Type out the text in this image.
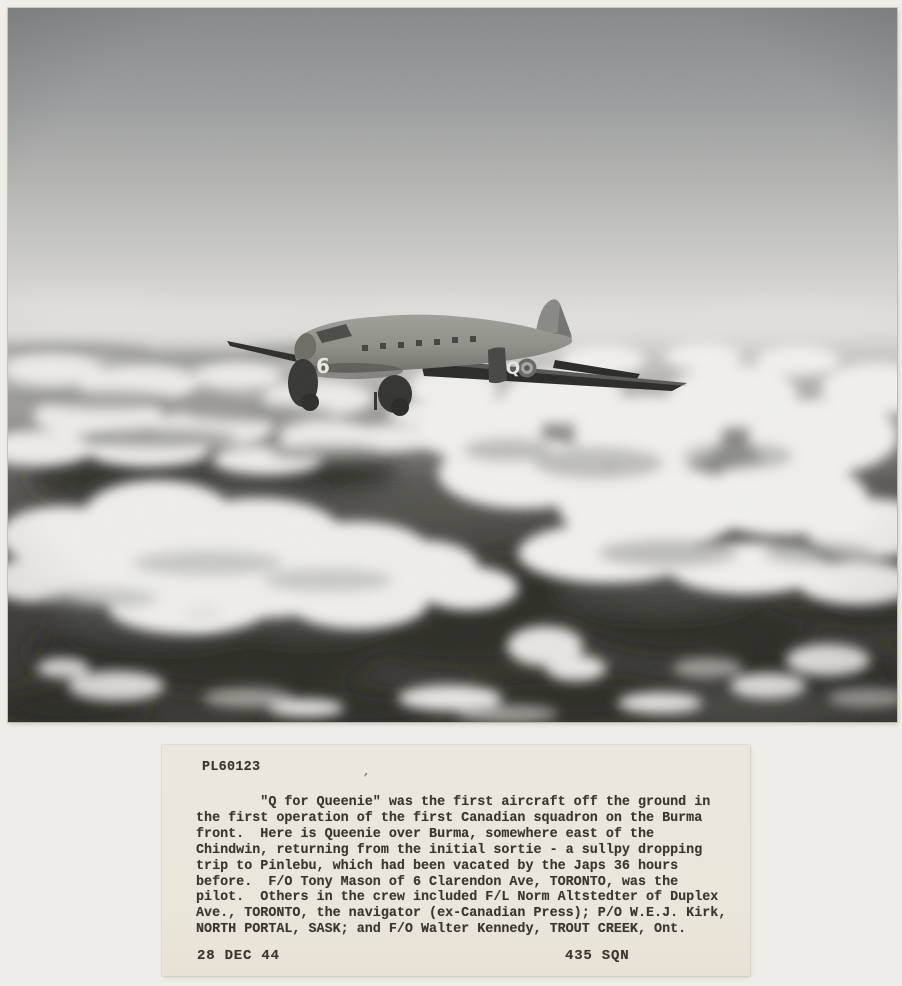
PL60123
’
"Q for Queenie" was the first aircraft off the ground in
the first operation of the first Canadian squadron on the Burma
front.  Here is Queenie over Burma, somewhere east of the
Chindwin, returning from the initial sortie - a sullpy dropping
trip to Pinlebu, which had been vacated by the Japs 36 hours
before.  F/O Tony Mason of 6 Clarendon Ave, TORONTO, was the
pilot.  Others in the crew included F/L Norm Altstedter of Duplex
Ave., TORONTO, the navigator (ex-Canadian Press); P/O W.E.J. Kirk,
NORTH PORTAL, SASK; and F/O Walter Kennedy, TROUT CREEK, Ont.
28 DEC 44	435 SQN
